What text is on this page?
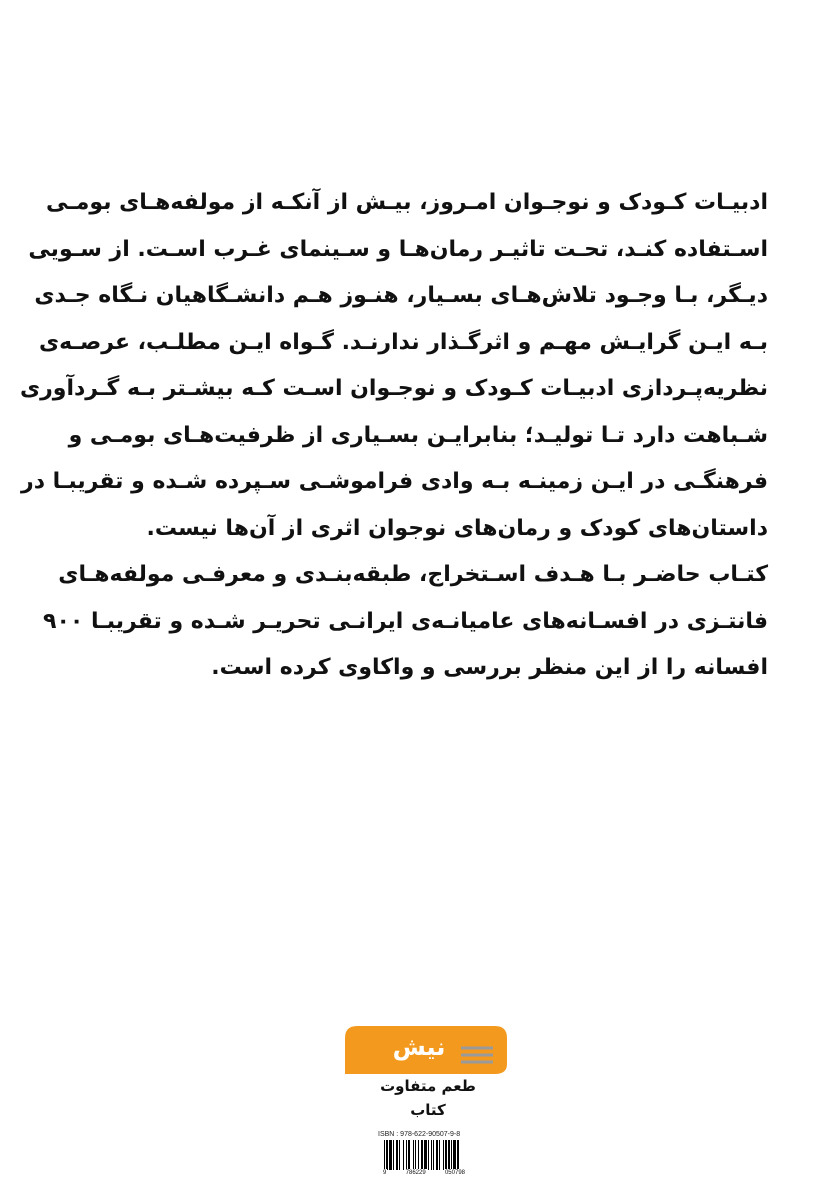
ادبیـات کـودک و نوجـوان امـروز، بیـش از آنکـه از مولفه‌هـای بومـی
اسـتفاده کنـد، تحـت تاثیـر رمان‌هـا و سـینمای غـرب اسـت. از سـویی
دیـگر، بـا وجـود تلاش‌هـای بسـیار، هنـوز هـم دانشـگاهیان نـگاه جـدی
بـه ایـن گرایـش مهـم و اثرگـذار ندارنـد. گـواه ایـن مطلـب، عرصـه‌ی
نظریه‌پـردازی ادبیـات کـودک و نوجـوان اسـت کـه بیشـتر بـه گـردآوری
شـباهت دارد تـا تولیـد؛ بنابرایـن بسـیاری از ظرفیت‌هـای بومـی و
فرهنگـی در ایـن زمینـه بـه وادی فراموشـی سـپرده شـده و تقریبـا در
داستان‌های کودک و رمان‌های نوجوان اثری از آن‌ها نیست.
کتـاب حاضـر بـا هـدف اسـتخراج، طبقه‌بنـدی و معرفـی مولفه‌هـای
فانتـزی در افسـانه‌های عامیانـه‌ی ایرانـی تحریـر شـده و تقریبـا ۹۰۰
افسانه را از این منظر بررسی و واکاوی کرده است.
نیش
طعم متفاوت کتاب
ISBN : 978-622-90507-9-8
9	786229	050798
